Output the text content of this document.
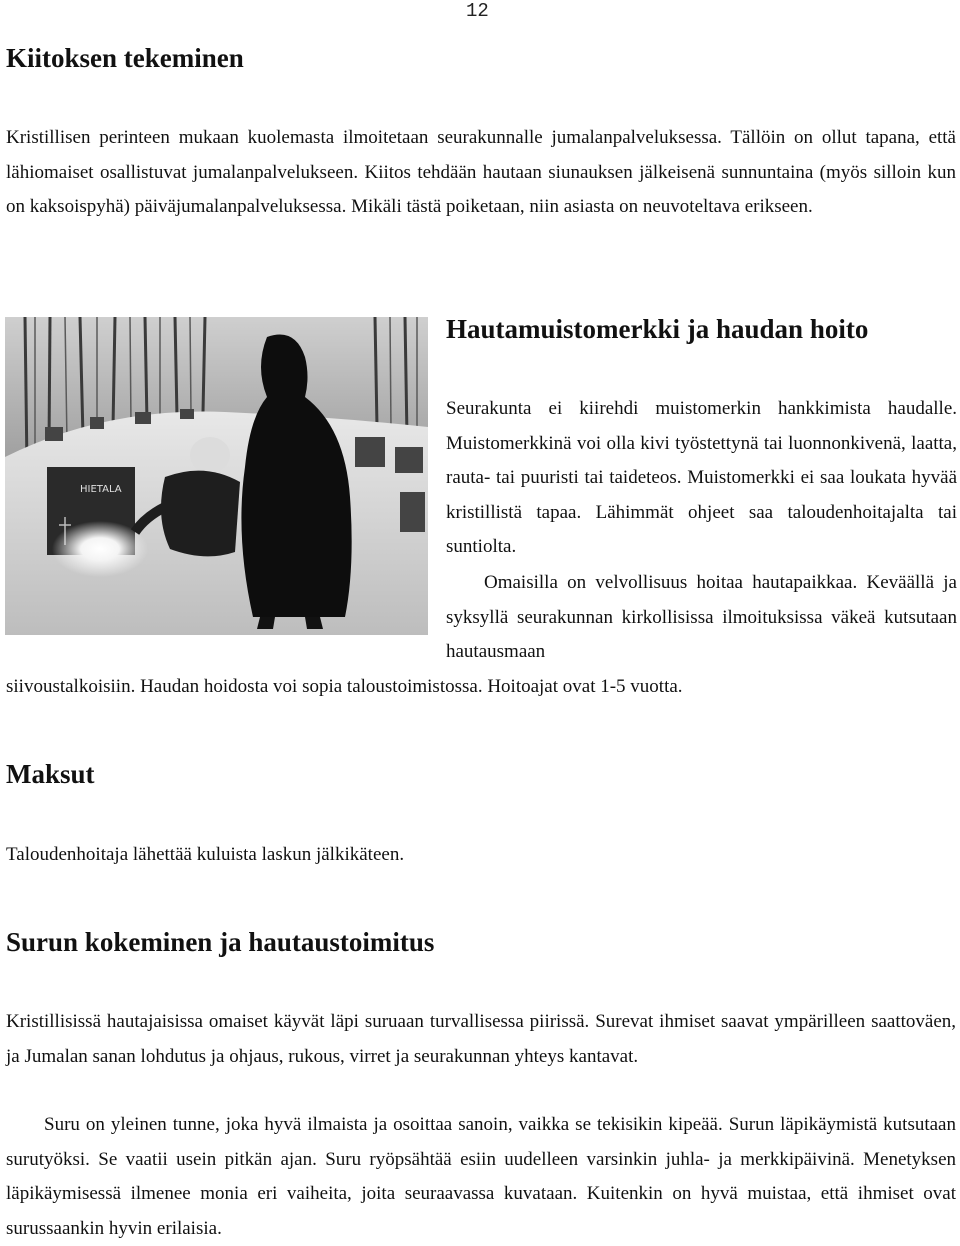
12
Kiitoksen tekeminen

Kristillisen perinteen mukaan kuolemasta ilmoitetaan seurakunnalle jumalanpalveluksessa. Tällöin on ollut tapana, että lähiomaiset osallistuvat jumalanpalvelukseen. Kiitos tehdään hautaan siunauksen jälkeisenä sunnuntaina (myös silloin kun on kaksoispyhä) päiväjumalanpalveluksessa. Mikäli tästä poiketaan, niin asiasta on neuvoteltava erikseen.

HIETALA
Hautamuistomerkki ja haudan hoito

Seurakunta ei kiirehdi muistomerkin hankkimista haudalle. Muistomerkkinä voi olla kivi työstettynä tai luonnonkivenä, laatta, rauta- tai puuristi tai taideteos. Muistomerkki ei saa loukata hyvää kristillistä tapaa. Lähimmät ohjeet saa taloudenhoitajalta tai suntiolta.

Omaisilla on velvollisuus hoitaa hautapaikkaa. Keväällä ja syksyllä seurakunnan kirkollisissa ilmoituksissa väkeä kutsutaan hautausmaan

siivoustalkoisiin. Haudan hoidosta voi sopia taloustoimistossa. Hoitoajat ovat 1-5 vuotta.

Maksut

Taloudenhoitaja lähettää kuluista laskun jälkikäteen.

Surun kokeminen ja hautaustoimitus

Kristillisissä hautajaisissa omaiset käyvät läpi suruaan turvallisessa piirissä. Surevat ihmiset saavat ympärilleen saattoväen, ja Jumalan sanan lohdutus ja ohjaus, rukous, virret ja seurakunnan yhteys kantavat.

Suru on yleinen tunne, joka hyvä ilmaista ja osoittaa sanoin, vaikka se tekisikin kipeää. Surun läpikäymistä kutsutaan surutyöksi. Se vaatii usein pitkän ajan. Suru ryöpsähtää esiin uudelleen varsinkin juhla- ja merkkipäivinä. Menetyksen läpikäymisessä ilmenee monia eri vaiheita, joita seuraavassa kuvataan. Kuitenkin on hyvä muistaa, että ihmiset ovat surussaankin hyvin erilaisia.
